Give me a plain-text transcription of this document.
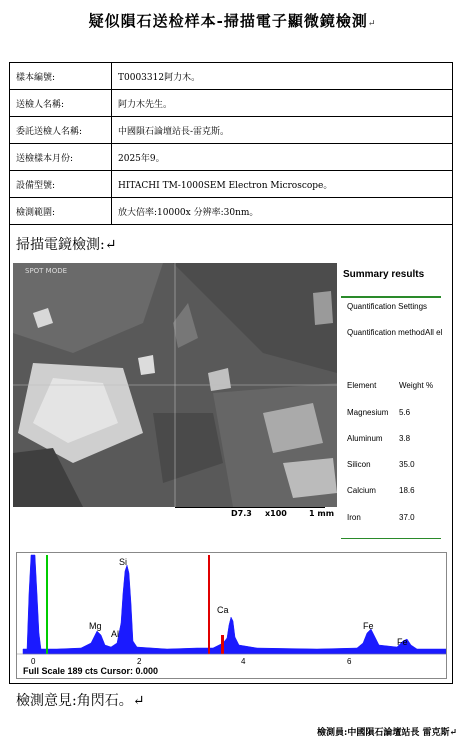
疑似隕石送检样本-掃描電子顯微鏡檢測↵
樣本編號:	T0003312阿力木。
送檢人名稱:	阿力木先生。
委託送檢人名稱:	中國隕石論壇站長-雷克斯。
送檢樣本月份:	2025年9。
設備型號:	HITACHI TM-1000SEM Electron Microscope。
檢測範圍:	放大倍率:10000x 分辨率:30nm。
掃描電鏡檢測:↵
SPOT MODE
D7.3 x100	1 mm
Summary results
Quantification Settings
Quantification method All el
Element	Weight %
Magnesium 5.6
Aluminum 3.8
Silicon	35.0
Calcium	18.6
Iron	37.0
Si
Mg
Al
Ca
Fe
Fe
0	2	4	6
Full Scale 189 cts Cursor: 0.000
檢測意見:角閃石。↵
檢測員:中國隕石論壇站長 雷克斯↵
